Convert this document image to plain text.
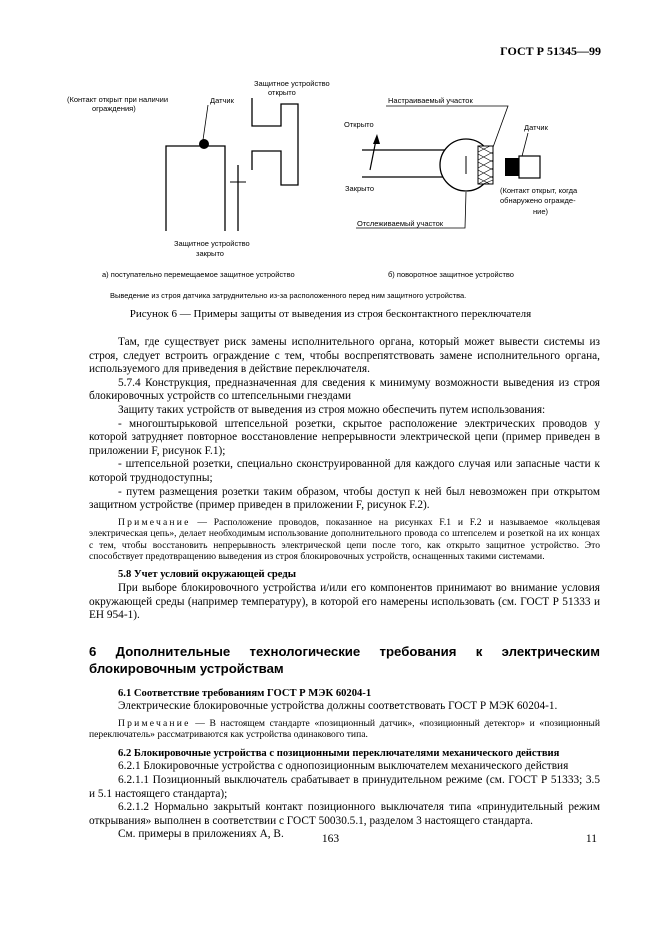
ГОСТ Р 51345—99
Защитное устройство
открыто
(Контакт открыт при наличии
ограждения)
Датчик
Защитное устройство
закрыто
Настраиваемый участок
Открыто	Датчик
Закрыто	(Контакт открыт, когда
обнаружено огражде-
ние)
Отслеживаемый участок
а) поступательно перемещаемое защитное устройство	б) поворотное защитное устройство
Выведение из строя датчика затруднительно из-за расположенного перед ним защитного устройства.
Рисунок 6 — Примеры защиты от выведения из строя бесконтактного переключателя

Там, где существует риск замены исполнительного органа, который может вывести системы из строя, следует встроить ограждение с тем, чтобы воспрепятствовать замене исполнительного органа, используемого для приведения в действие переключателя.

5.7.4 Конструкция, предназначенная для сведения к минимуму возможности выведения из строя блокировочных устройств со штепсельными гнездами

Защиту таких устройств от выведения из строя можно обеспечить путем использования:

- многоштырьковой штепсельной розетки, скрытое расположение электрических проводов у которой затрудняет повторное восстановление непрерывности электрической цепи (пример приведен в приложении F, рисунок F.1);

- штепсельной розетки, специально сконструированной для каждого случая или запасные части к которой труднодоступны;

- путем размещения розетки таким образом, чтобы доступ к ней был невозможен при открытом защитном устройстве (пример приведен в приложении F, рисунок F.2).

Примечание — Расположение проводов, показанное на рисунках F.1 и F.2 и называемое «кольцевая электрическая цепь», делает необходимым использование дополнительного провода со штепселем и розеткой на их концах с тем, чтобы восстановить непрерывность электрической цепи после того, как открыто защитное устройство. Это способствует предотвращению выведения из строя блокировочных устройств, оснащенных такими системами.

5.8 Учет условий окружающей среды

При выборе блокировочного устройства и/или его компонентов принимают во внимание условия окружающей среды (например температуру), в которой его намерены использовать (см. ГОСТ Р 51333 и ЕН 954-1).

6 Дополнительные технологические требования к электрическим блокировочным устройствам

6.1 Соответствие требованиям ГОСТ Р МЭК 60204-1

Электрические блокировочные устройства должны соответствовать ГОСТ Р МЭК 60204-1.

Примечание — В настоящем стандарте «позиционный датчик», «позиционный детектор» и «позиционный переключатель» рассматриваются как устройства одинакового типа.

6.2 Блокировочные устройства с позиционными переключателями механического действия

6.2.1 Блокировочные устройства с однопозиционным выключателем механического действия

6.2.1.1 Позиционный выключатель срабатывает в принудительном режиме (см. ГОСТ Р 51333; 3.5 и 5.1 настоящего стандарта);

6.2.1.2 Нормально закрытый контакт позиционного выключателя типа «принудительный режим открывания» выполнен в соответствии с ГОСТ 50030.5.1, разделом 3 настоящего стандарта.

См. примеры в приложениях А, В.	163	11
